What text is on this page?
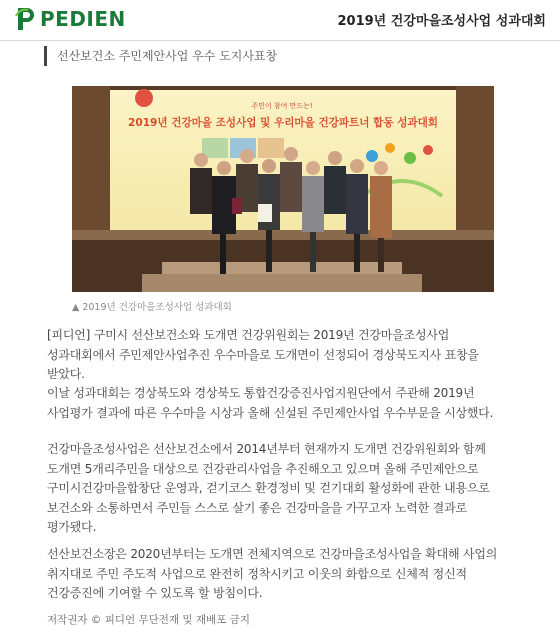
PEDIEN	2019년 건강마을조성사업 성과대회
선산보건소 주민제안사업 우수 도지사표창
주민이 참여 만드는!
2019년 건강마을 조성사업 및 우리마을 건강파트너 합동 성과대회
▲ 2019년 건강마을조성사업 성과대회

[피디언] 구미시 선산보건소와 도개면 건강위원회는 2019년 건강마을조성사업 성과대회에서 주민제안사업추진 우수마을로 도개면이 선정되어 경상북도지사 표창을 받았다.

이날 성과대회는 경상북도와 경상북도 통합건강증진사업지원단에서 주관해 2019년 사업평가 결과에 따른 우수마을 시상과 올해 신설된 주민제안사업 우수부문을 시상했다.

건강마을조성사업은 선산보건소에서 2014년부터 현재까지 도개면 건강위원회와 함께 도개면 5개리주민을 대상으로 건강관리사업을 추진해오고 있으며 올해 주민제안으로 구미시건강마을합창단 운영과, 걷기코스 환경정비 및 걷기대회 활성화에 관한 내용으로 보건소와 소통하면서 주민들 스스로 살기 좋은 건강마을을 가꾸고자 노력한 결과로 평가됐다.

선산보건소장은 2020년부터는 도개면 전체지역으로 건강마을조성사업을 확대해 사업의 취지대로 주민 주도적 사업으로 완전히 정착시키고 이웃의 화합으로 신체적 정신적 건강증진에 기여할 수 있도록 할 방침이다.

저작권자 © 피디언 무단전재 및 재배포 금지
